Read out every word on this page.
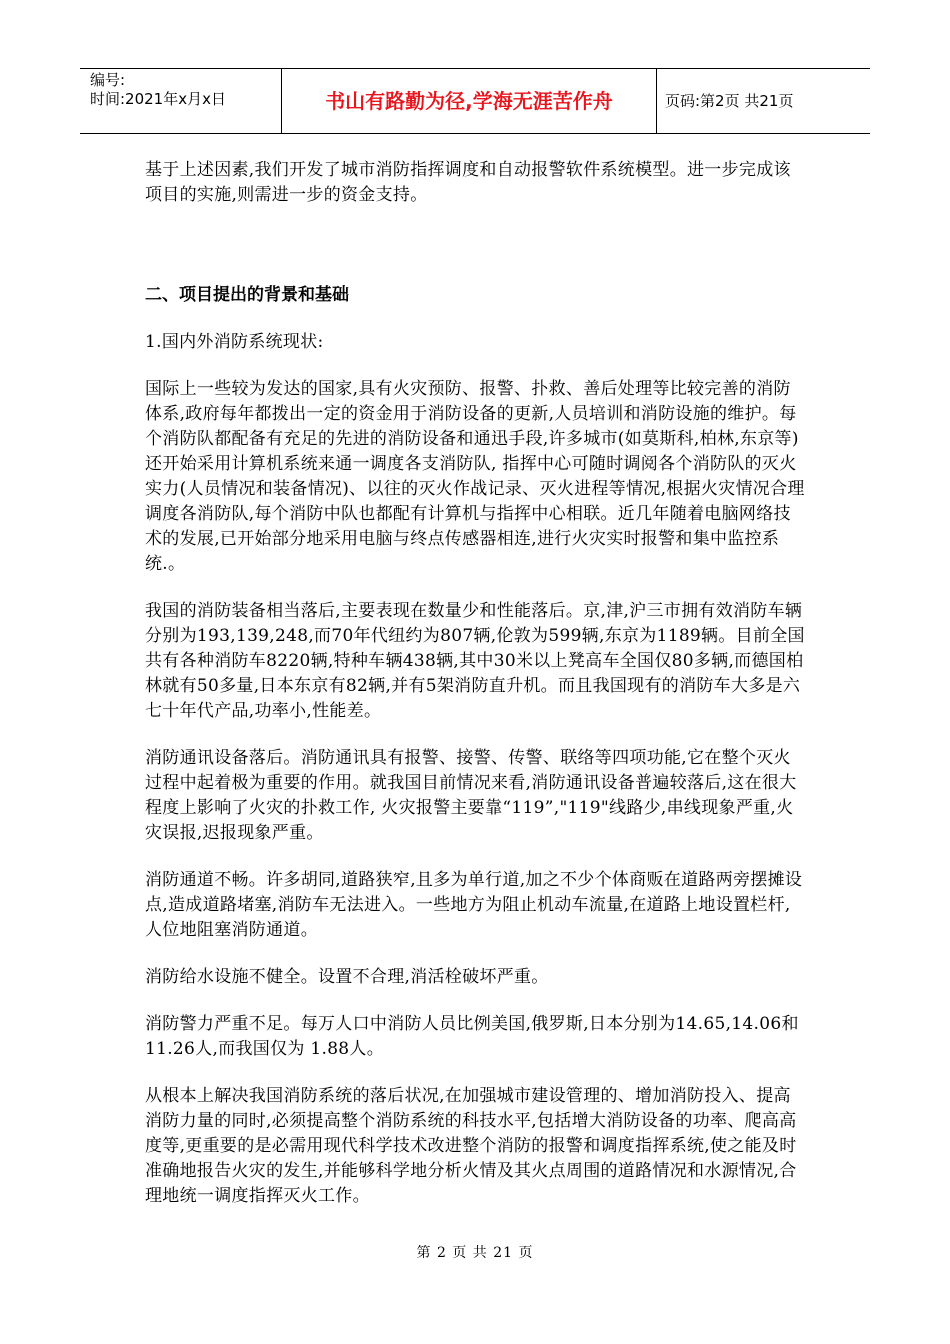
编号:
时间:2021年x月x日	书山有路勤为径,学海无涯苦作舟	页码:第2页 共21页

基于上述因素,我们开发了城市消防指挥调度和自动报警软件系统模型。进一步完成该项目的实施,则需进一步的资金支持。

二、项目提出的背景和基础

1.国内外消防系统现状:

国际上一些较为发达的国家,具有火灾预防、报警、扑救、善后处理等比较完善的消防体系,政府每年都拨出一定的资金用于消防设备的更新,人员培训和消防设施的维护。每个消防队都配备有充足的先进的消防设备和通迅手段,许多城市(如莫斯科,柏林,东京等)还开始采用计算机系统来通一调度各支消防队, 指挥中心可随时调阅各个消防队的灭火实力(人员情况和装备情况)、以往的灭火作战记录、灭火进程等情况,根据火灾情况合理调度各消防队,每个消防中队也都配有计算机与指挥中心相联。近几年随着电脑网络技术的发展,已开始部分地采用电脑与终点传感器相连,进行火灾实时报警和集中监控系统.。

我国的消防装备相当落后,主要表现在数量少和性能落后。京,津,沪三市拥有效消防车辆分别为193,139,248,而70年代纽约为807辆,伦敦为599辆,东京为1189辆。目前全国共有各种消防车8220辆,特种车辆438辆,其中30米以上凳高车全国仅80多辆,而德国柏林就有50多量,日本东京有82辆,并有5架消防直升机。而且我国现有的消防车大多是六七十年代产品,功率小,性能差。

消防通讯设备落后。消防通讯具有报警、接警、传警、联络等四项功能,它在整个灭火过程中起着极为重要的作用。就我国目前情况来看,消防通讯设备普遍较落后,这在很大程度上影响了火灾的扑救工作, 火灾报警主要靠“119”,"119"线路少,串线现象严重,火灾误报,迟报现象严重。

消防通道不畅。许多胡同,道路狭窄,且多为单行道,加之不少个体商贩在道路两旁摆摊设点,造成道路堵塞,消防车无法进入。一些地方为阻止机动车流量,在道路上地设置栏杆,人位地阻塞消防通道。

消防给水设施不健全。设置不合理,消活栓破坏严重。

消防警力严重不足。每万人口中消防人员比例美国,俄罗斯,日本分别为14.65,14.06和11.26人,而我国仅为 1.88人。

从根本上解决我国消防系统的落后状况,在加强城市建设管理的、增加消防投入、提高消防力量的同时,必须提高整个消防系统的科技水平,包括增大消防设备的功率、爬高高度等,更重要的是必需用现代科学技术改进整个消防的报警和调度指挥系统,使之能及时准确地报告火灾的发生,并能够科学地分析火情及其火点周围的道路情况和水源情况,合理地统一调度指挥灭火工作。

第 2 页 共 21 页
